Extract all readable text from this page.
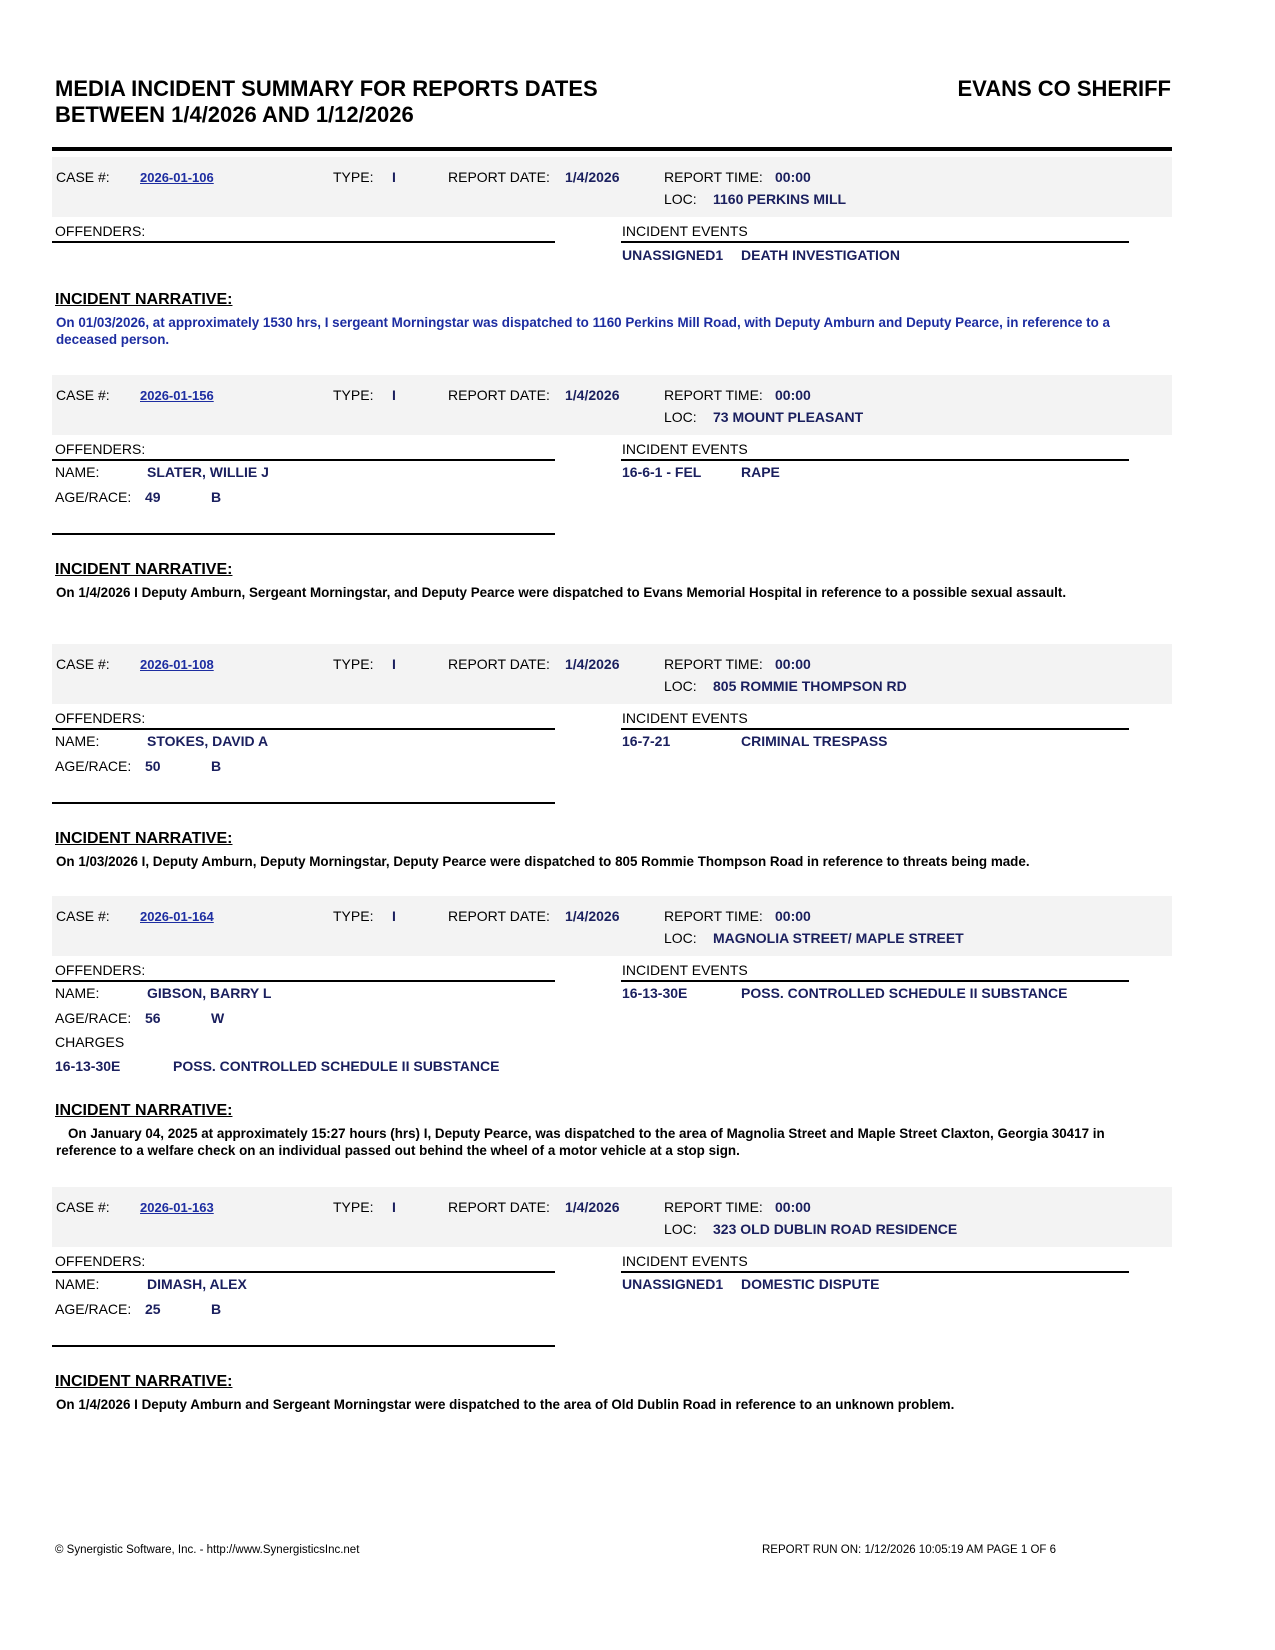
MEDIA INCIDENT SUMMARY FOR REPORTS DATES
BETWEEN 1/4/2026 AND 1/12/2026
EVANS CO SHERIFF
CASE #: 2026-01-106	TYPE: I	REPORT DATE: 1/4/2026	REPORT TIME: 00:00
LOC: 1160 PERKINS MILL
OFFENDERS:	INCIDENT EVENTS
UNASSIGNED1 DEATH INVESTIGATION
INCIDENT NARRATIVE:
On 01/03/2026, at approximately 1530 hrs, I sergeant Morningstar was dispatched to 1160 Perkins Mill Road, with Deputy Amburn and Deputy Pearce, in reference to a deceased person.
CASE #: 2026-01-156	TYPE: I	REPORT DATE: 1/4/2026	REPORT TIME: 00:00
LOC: 73 MOUNT PLEASANT
OFFENDERS:
NAME:	SLATER, WILLIE J
AGE/RACE: 49	B
INCIDENT EVENTS
16-6-1 - FEL	RAPE
INCIDENT NARRATIVE:
On 1/4/2026 I Deputy Amburn, Sergeant Morningstar, and Deputy Pearce were dispatched to Evans Memorial Hospital in reference to a possible sexual assault.
CASE #: 2026-01-108	TYPE: I	REPORT DATE: 1/4/2026	REPORT TIME: 00:00
LOC: 805 ROMMIE THOMPSON RD
OFFENDERS:
NAME:	STOKES, DAVID A
AGE/RACE: 50	B
INCIDENT EVENTS
16-7-21	CRIMINAL TRESPASS
INCIDENT NARRATIVE:
On 1/03/2026 I, Deputy Amburn, Deputy Morningstar, Deputy Pearce were dispatched to 805 Rommie Thompson Road in reference to threats being made.
CASE #: 2026-01-164	TYPE: I	REPORT DATE: 1/4/2026	REPORT TIME: 00:00
LOC: MAGNOLIA STREET/ MAPLE STREET
OFFENDERS:
NAME:	GIBSON, BARRY L
AGE/RACE: 56	W
CHARGES
16-13-30E	POSS. CONTROLLED SCHEDULE II SUBSTANCE
INCIDENT EVENTS
16-13-30E	POSS. CONTROLLED SCHEDULE II SUBSTANCE
INCIDENT NARRATIVE:
On January 04, 2025 at approximately 15:27 hours (hrs) I, Deputy Pearce, was dispatched to the area of Magnolia Street and Maple Street Claxton, Georgia 30417 in reference to a welfare check on an individual passed out behind the wheel of a motor vehicle at a stop sign.
CASE #: 2026-01-163	TYPE: I	REPORT DATE: 1/4/2026	REPORT TIME: 00:00
LOC: 323 OLD DUBLIN ROAD RESIDENCE
OFFENDERS:
NAME:	DIMASH, ALEX
AGE/RACE: 25	B
INCIDENT EVENTS
UNASSIGNED1 DOMESTIC DISPUTE
INCIDENT NARRATIVE:
On 1/4/2026 I Deputy Amburn and Sergeant Morningstar were dispatched to the area of Old Dublin Road in reference to an unknown problem.
© Synergistic Software, Inc. - http://www.SynergisticsInc.net	REPORT RUN ON: 1/12/2026 10:05:19 AM PAGE 1 OF 6
